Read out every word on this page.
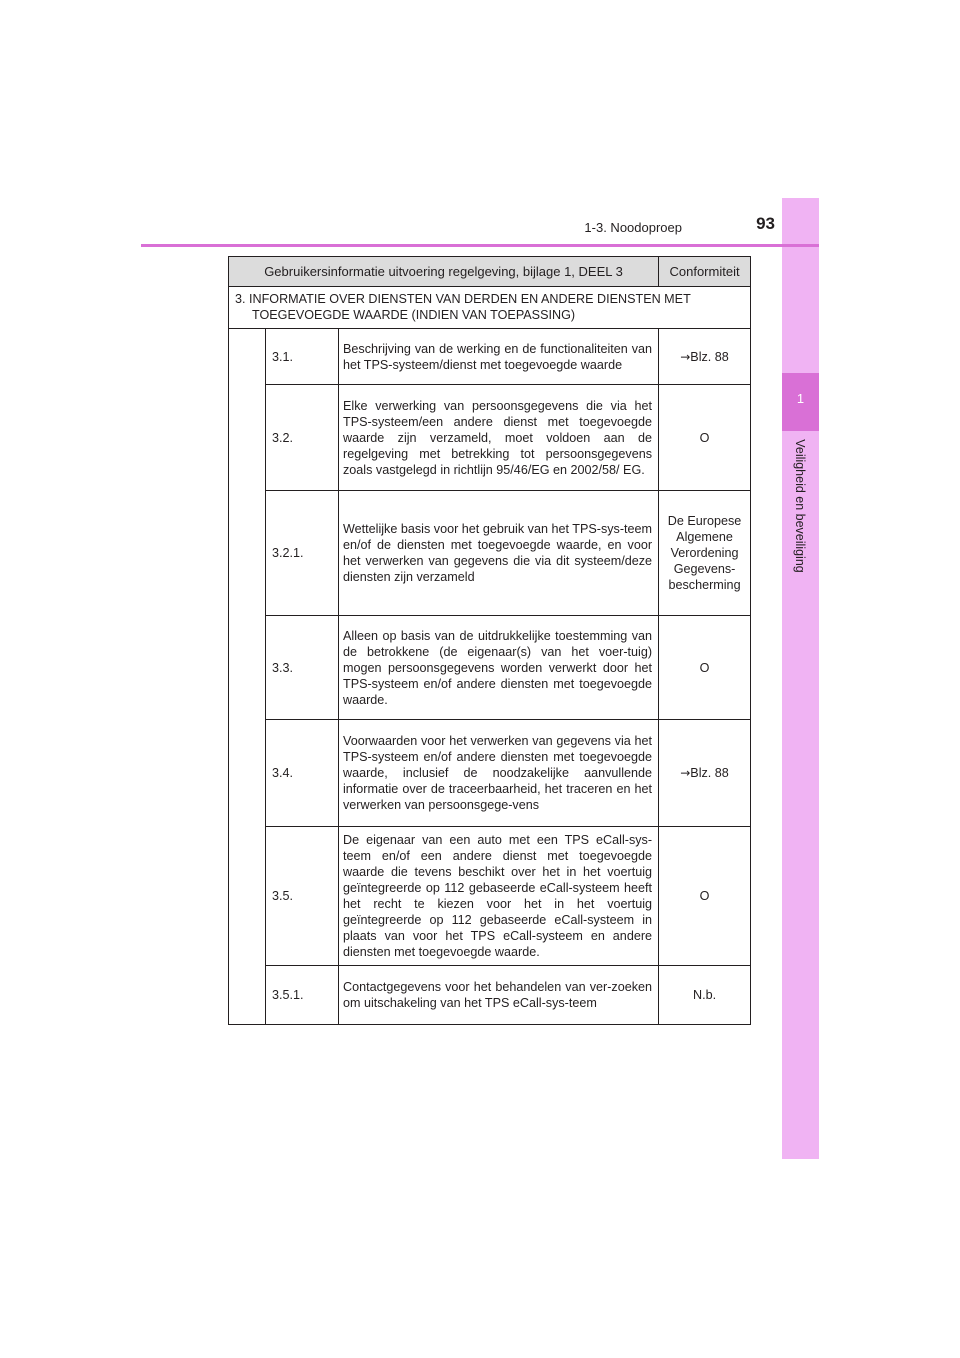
1
Veiligheid en beveiliging
1-3. Noodoproep	93
Gebruikersinformatie uitvoering regelgeving, bijlage 1, DEEL 3			Conformiteit
3. INFORMATIE OVER DIENSTEN VAN DERDEN EN ANDERE DIENSTEN MET
TOEGEVOEGDE WAARDE (INDIEN VAN TOEPASSING)			

	3.1.	Beschrijving van de werking en de functionaliteiten van het TPS-systeem/dienst met toegevoegde waarde	→Blz. 88
	3.2.	Elke verwerking van persoonsgegevens die via het TPS-systeem/een andere dienst met toegevoegde waarde zijn verzameld, moet voldoen aan de regelgeving met betrekking tot persoonsgegevens zoals vastgelegd in richtlijn 95/46/EG en 2002/58/ EG.	O
	3.2.1.	Wettelijke basis voor het gebruik van het TPS-sys-teem en/of de diensten met toegevoegde waarde, en voor het verwerken van gegevens die via dit systeem/deze diensten zijn verzameld	De Europese Algemene Verordening Gegevens-bescherming

	3.3.	Alleen op basis van de uitdrukkelijke toestemming van de betrokkene (de eigenaar(s) van het voer-tuig) mogen persoonsgegevens worden verwerkt door het TPS-systeem en/of andere diensten met toegevoegde waarde.	O
	3.4.	Voorwaarden voor het verwerken van gegevens via het TPS-systeem en/of andere diensten met toegevoegde waarde, inclusief de noodzakelijke aanvullende informatie over de traceerbaarheid, het traceren en het verwerken van persoonsgege-vens	→Blz. 88
	3.5.	De eigenaar van een auto met een TPS eCall-sys-teem en/of een andere dienst met toegevoegde waarde die tevens beschikt over het in het voertuig geïntegreerde op 112 gebaseerde eCall-systeem heeft het recht te kiezen voor het in het voertuig geïntegreerde op 112 gebaseerde eCall-systeem in plaats van voor het TPS eCall-systeem en andere diensten met toegevoegde waarde.	O
	3.5.1.	Contactgegevens voor het behandelen van ver-zoeken om uitschakeling van het TPS eCall-sys-teem	N.b.
